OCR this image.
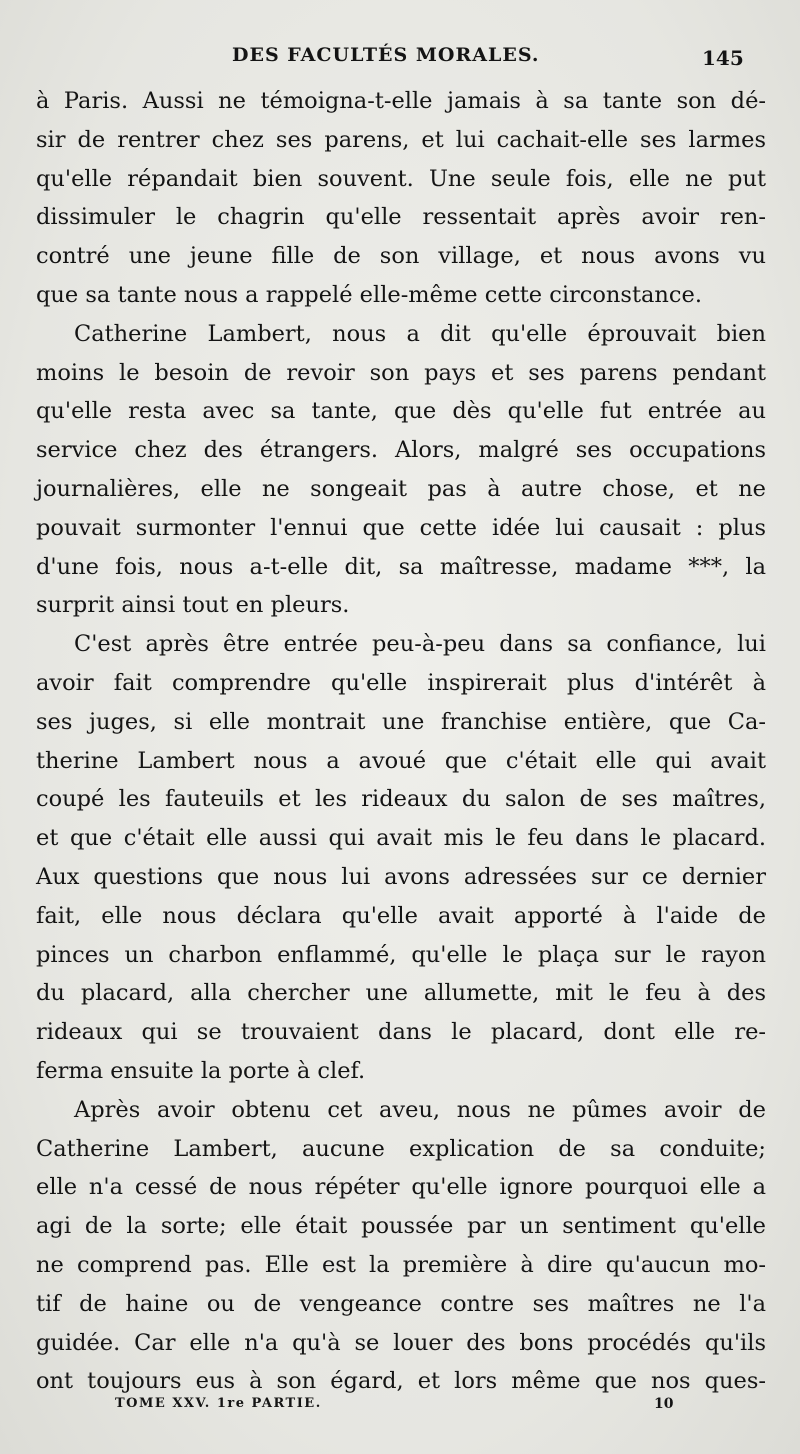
DES FACULTÉS MORALES.	145
à Paris. Aussi ne témoigna-t-elle jamais à sa tante son dé-
sir de rentrer chez ses parens, et lui cachait-elle ses larmes
qu'elle répandait bien souvent. Une seule fois, elle ne put
dissimuler le chagrin qu'elle ressentait après avoir ren-
contré une jeune fille de son village, et nous avons vu
que sa tante nous a rappelé elle-même cette circonstance.
Catherine Lambert, nous a dit qu'elle éprouvait bien
moins le besoin de revoir son pays et ses parens pendant
qu'elle resta avec sa tante, que dès qu'elle fut entrée au
service chez des étrangers. Alors, malgré ses occupations
journalières, elle ne songeait pas à autre chose, et ne
pouvait surmonter l'ennui que cette idée lui causait : plus
d'une fois, nous a-t-elle dit, sa maîtresse, madame ***, la
surprit ainsi tout en pleurs.
C'est après être entrée peu-à-peu dans sa confiance, lui
avoir fait comprendre qu'elle inspirerait plus d'intérêt à
ses juges, si elle montrait une franchise entière, que Ca-
therine Lambert nous a avoué que c'était elle qui avait
coupé les fauteuils et les rideaux du salon de ses maîtres,
et que c'était elle aussi qui avait mis le feu dans le placard.
Aux questions que nous lui avons adressées sur ce dernier
fait, elle nous déclara qu'elle avait apporté à l'aide de
pinces un charbon enflammé, qu'elle le plaça sur le rayon
du placard, alla chercher une allumette, mit le feu à des
rideaux qui se trouvaient dans le placard, dont elle re-
ferma ensuite la porte à clef.
Après avoir obtenu cet aveu, nous ne pûmes avoir de
Catherine Lambert, aucune explication de sa conduite;
elle n'a cessé de nous répéter qu'elle ignore pourquoi elle a
agi de la sorte; elle était poussée par un sentiment qu'elle
ne comprend pas. Elle est la première à dire qu'aucun mo-
tif de haine ou de vengeance contre ses maîtres ne l'a
guidée. Car elle n'a qu'à se louer des bons procédés qu'ils
ont toujours eus à son égard, et lors même que nos ques-
TOME XXV. 1re PARTIE.	10
